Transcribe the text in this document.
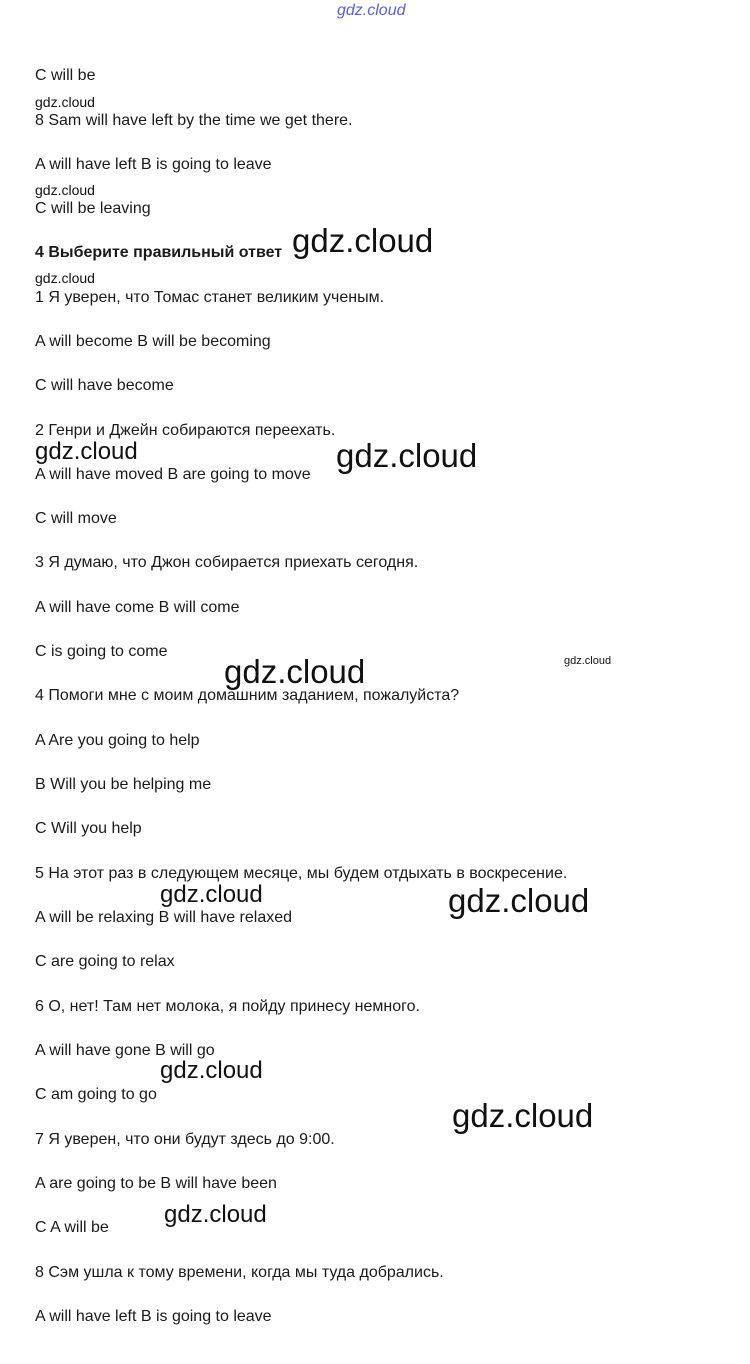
gdz.cloud
C will be
8 Sam will have left by the time we get there.
A will have left B is going to leave
C will be leaving
4 Выберите правильный ответ
1 Я уверен, что Томас станет великим ученым.
A will become B will be becoming
C will have become
2 Генри и Джейн собираются переехать.
A will have moved B are going to move
C will move
3 Я думаю, что Джон собирается приехать сегодня.
A will have come B will come
C is going to come
4 Помоги мне с моим домашним заданием, пожалуйста?
A Are you going to help
B Will you be helping me
C Will you help
5 На этот раз в следующем месяце, мы будем отдыхать в воскресение.
A will be relaxing B will have relaxed
C are going to relax
6 О, нет! Там нет молока, я пойду принесу немного.
A will have gone B will go
C am going to go
7 Я уверен, что они будут здесь до 9:00.
A are going to be B will have been
C A will be
8 Сэм ушла к тому времени, когда мы туда добрались.
A will have left B is going to leave
gdz.cloud
gdz.cloud
gdz.cloud
gdz.cloud
gdz.cloud	gdz.cloud
gdz.cloud	gdz.cloud
gdz.cloud	gdz.cloud
gdz.cloud
gdz.cloud
gdz.cloud
